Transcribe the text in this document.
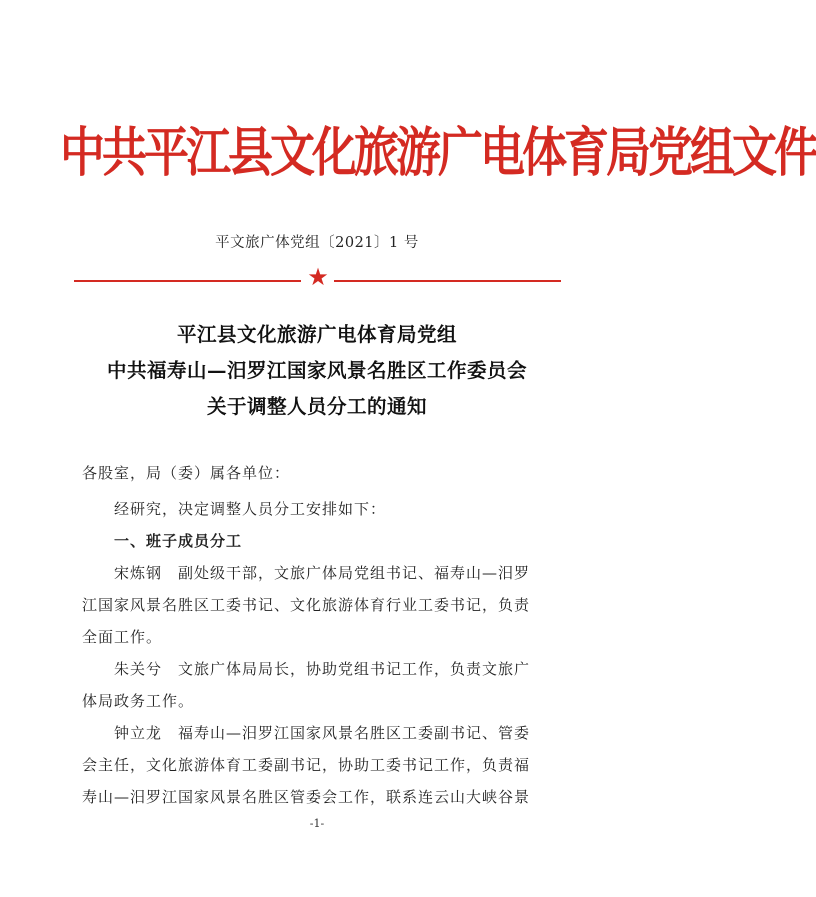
中共平江县文化旅游广电体育局党组文件
平文旅广体党组〔2021〕1 号
★
平江县文化旅游广电体育局党组
中共福寿山—汨罗江国家风景名胜区工作委员会
关于调整人员分工的通知
各股室，局（委）属各单位：
经研究，决定调整人员分工安排如下：
一、班子成员分工
宋炼钢　副处级干部，文旅广体局党组书记、福寿山—汨罗
江国家风景名胜区工委书记、文化旅游体育行业工委书记，负责
全面工作。
朱关兮　文旅广体局局长，协助党组书记工作，负责文旅广
体局政务工作。
钟立龙　福寿山—汨罗江国家风景名胜区工委副书记、管委
会主任，文化旅游体育工委副书记，协助工委书记工作，负责福
寿山—汨罗江国家风景名胜区管委会工作，联系连云山大峡谷景
-1-
